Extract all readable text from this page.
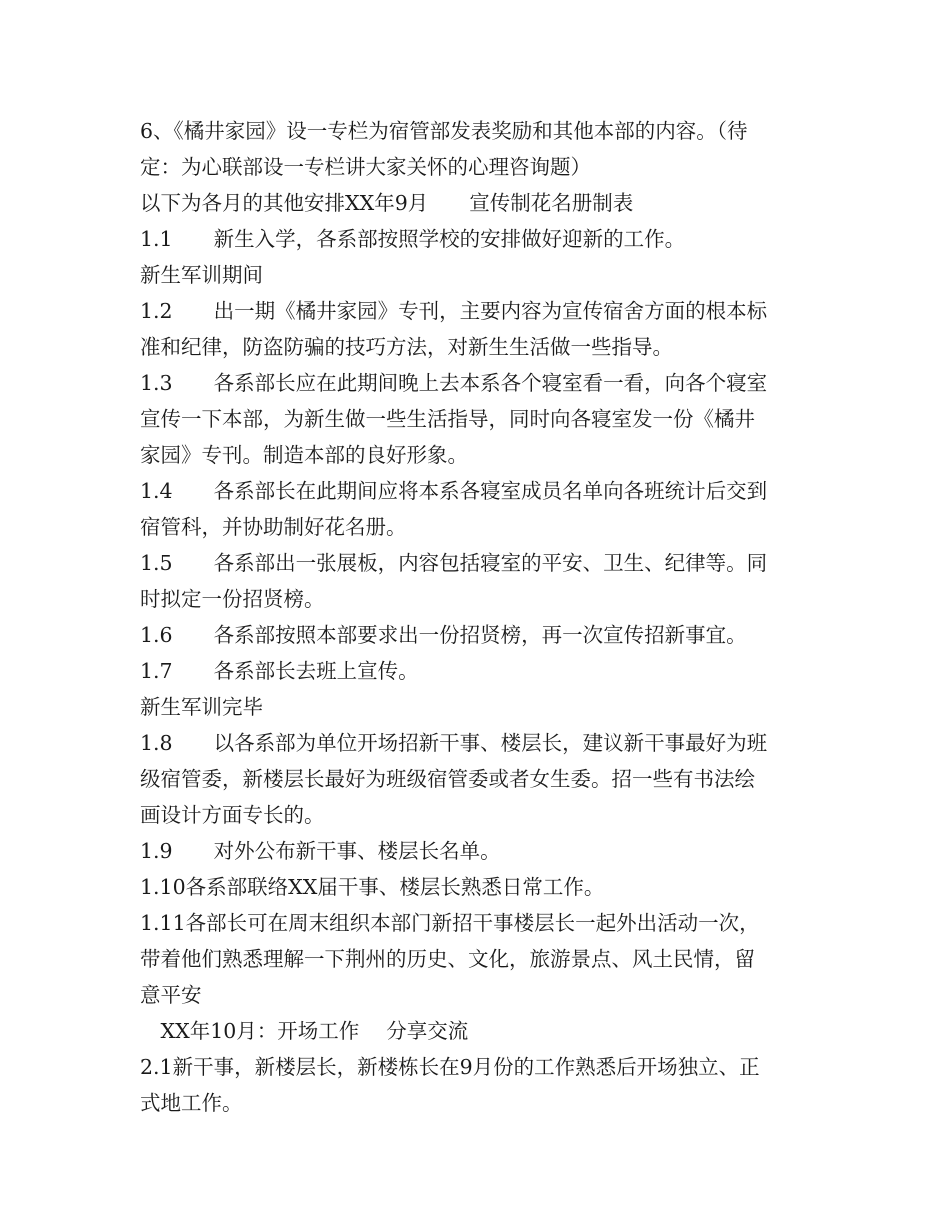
6、《橘井家园》设一专栏为宿管部发表奖励和其他本部的内容。（待
定：为心联部设一专栏讲大家关怀的心理咨询题）
以下为各月的其他安排XX年9月　　宣传制花名册制表
1.1　　新生入学，各系部按照学校的安排做好迎新的工作。
新生军训期间
1.2　　出一期《橘井家园》专刊，主要内容为宣传宿舍方面的根本标
准和纪律，防盗防骗的技巧方法，对新生生活做一些指导。
1.3　　各系部长应在此期间晚上去本系各个寝室看一看，向各个寝室
宣传一下本部，为新生做一些生活指导，同时向各寝室发一份《橘井
家园》专刊。制造本部的良好形象。
1.4　　各系部长在此期间应将本系各寝室成员名单向各班统计后交到
宿管科，并协助制好花名册。
1.5　　各系部出一张展板，内容包括寝室的平安、卫生、纪律等。同
时拟定一份招贤榜。
1.6　　各系部按照本部要求出一份招贤榜，再一次宣传招新事宜。
1.7　　各系部长去班上宣传。
新生军训完毕
1.8　　以各系部为单位开场招新干事、楼层长，建议新干事最好为班
级宿管委，新楼层长最好为班级宿管委或者女生委。招一些有书法绘
画设计方面专长的。
1.9　　对外公布新干事、楼层长名单。
1.10各系部联络XX届干事、楼层长熟悉日常工作。
1.11各部长可在周末组织本部门新招干事楼层长一起外出活动一次，
带着他们熟悉理解一下荆州的历史、文化，旅游景点、风土民情，留
意平安
　XX年10月：开场工作　 分享交流
2.1新干事，新楼层长，新楼栋长在9月份的工作熟悉后开场独立、正
式地工作。
